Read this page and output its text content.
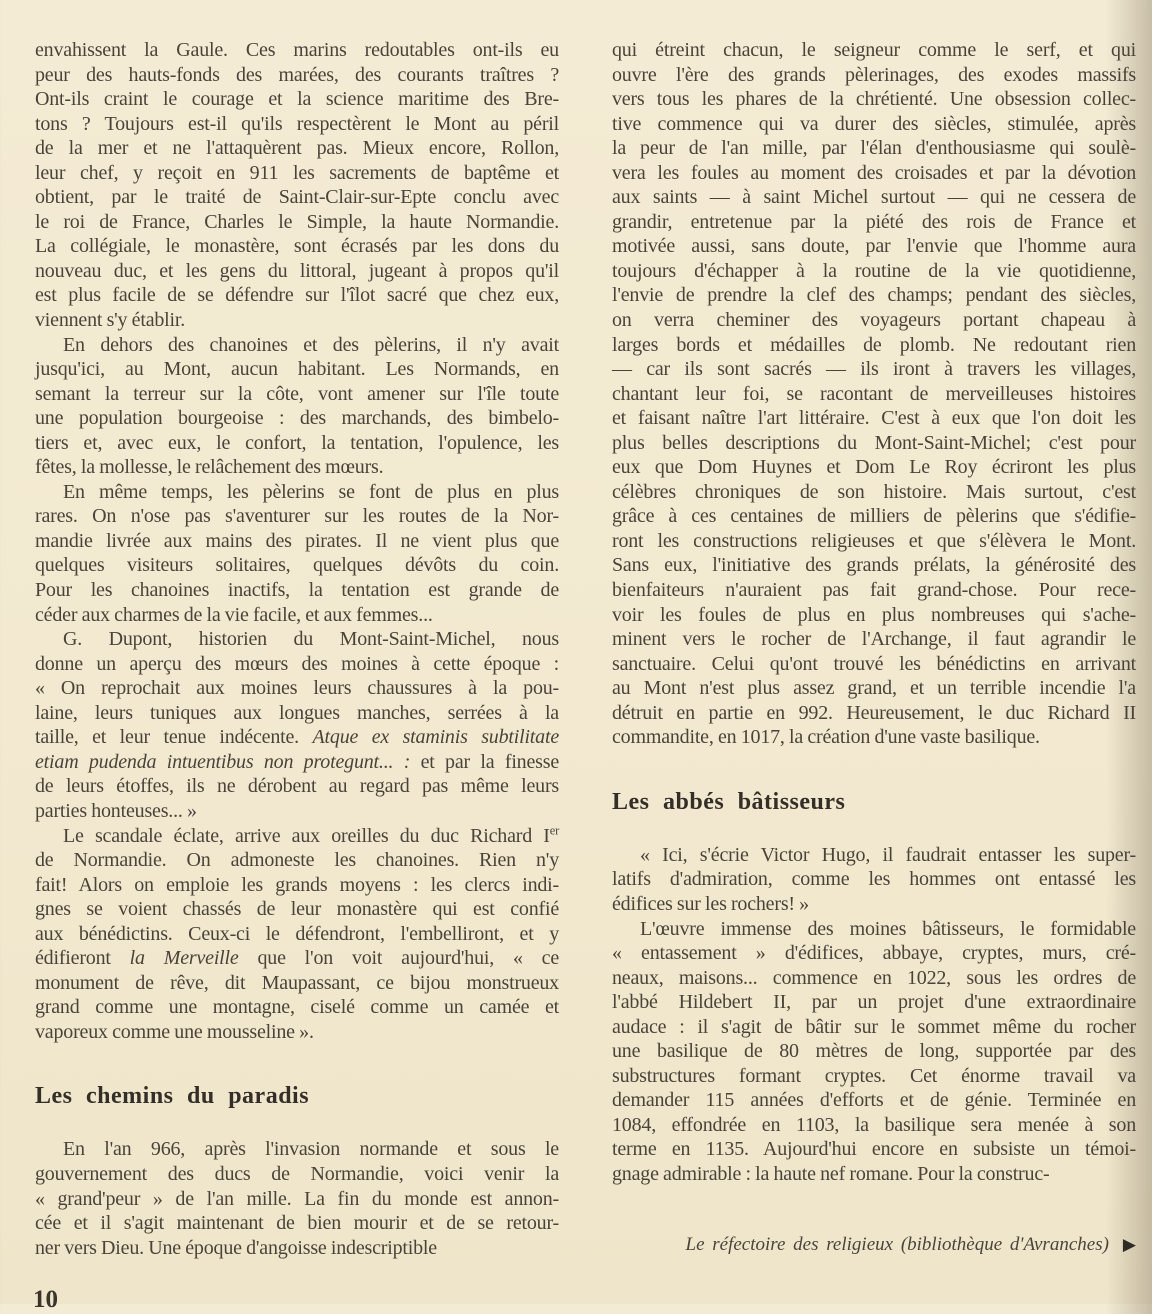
envahissent la Gaule. Ces marins redoutables ont-ils eu
peur des hauts-fonds des marées, des courants traîtres ?
Ont-ils craint le courage et la science maritime des Bre-
tons ? Toujours est-il qu'ils respectèrent le Mont au péril
de la mer et ne l'attaquèrent pas. Mieux encore, Rollon,
leur chef, y reçoit en 911 les sacrements de baptême et
obtient, par le traité de Saint-Clair-sur-Epte conclu avec
le roi de France, Charles le Simple, la haute Normandie.
La collégiale, le monastère, sont écrasés par les dons du
nouveau duc, et les gens du littoral, jugeant à propos qu'il
est plus facile de se défendre sur l'îlot sacré que chez eux,
viennent s'y établir.
En dehors des chanoines et des pèlerins, il n'y avait
jusqu'ici, au Mont, aucun habitant. Les Normands, en
semant la terreur sur la côte, vont amener sur l'île toute
une population bourgeoise : des marchands, des bimbelo-
tiers et, avec eux, le confort, la tentation, l'opulence, les
fêtes, la mollesse, le relâchement des mœurs.
En même temps, les pèlerins se font de plus en plus
rares. On n'ose pas s'aventurer sur les routes de la Nor-
mandie livrée aux mains des pirates. Il ne vient plus que
quelques visiteurs solitaires, quelques dévôts du coin.
Pour les chanoines inactifs, la tentation est grande de
céder aux charmes de la vie facile, et aux femmes...
G. Dupont, historien du Mont-Saint-Michel, nous
donne un aperçu des mœurs des moines à cette époque :
« On reprochait aux moines leurs chaussures à la pou-
laine, leurs tuniques aux longues manches, serrées à la
taille, et leur tenue indécente. Atque ex staminis subtilitate
etiam pudenda intuentibus non protegunt... : et par la finesse
de leurs étoffes, ils ne dérobent au regard pas même leurs
parties honteuses... »
Le scandale éclate, arrive aux oreilles du duc Richard Ier
de Normandie. On admoneste les chanoines. Rien n'y
fait! Alors on emploie les grands moyens : les clercs indi-
gnes se voient chassés de leur monastère qui est confié
aux bénédictins. Ceux-ci le défendront, l'embelliront, et y
édifieront la Merveille que l'on voit aujourd'hui, « ce
monument de rêve, dit Maupassant, ce bijou monstrueux
grand comme une montagne, ciselé comme un camée et
vaporeux comme une mousseline ».
Les chemins du paradis
En l'an 966, après l'invasion normande et sous le
gouvernement des ducs de Normandie, voici venir la
« grand'peur » de l'an mille. La fin du monde est annon-
cée et il s'agit maintenant de bien mourir et de se retour-
ner vers Dieu. Une époque d'angoisse indescriptible
qui étreint chacun, le seigneur comme le serf, et qui
ouvre l'ère des grands pèlerinages, des exodes massifs
vers tous les phares de la chrétienté. Une obsession collec-
tive commence qui va durer des siècles, stimulée, après
la peur de l'an mille, par l'élan d'enthousiasme qui soulè-
vera les foules au moment des croisades et par la dévotion
aux saints — à saint Michel surtout — qui ne cessera de
grandir, entretenue par la piété des rois de France et
motivée aussi, sans doute, par l'envie que l'homme aura
toujours d'échapper à la routine de la vie quotidienne,
l'envie de prendre la clef des champs; pendant des siècles,
on verra cheminer des voyageurs portant chapeau à
larges bords et médailles de plomb. Ne redoutant rien
— car ils sont sacrés — ils iront à travers les villages,
chantant leur foi, se racontant de merveilleuses histoires
et faisant naître l'art littéraire. C'est à eux que l'on doit les
plus belles descriptions du Mont-Saint-Michel; c'est pour
eux que Dom Huynes et Dom Le Roy écriront les plus
célèbres chroniques de son histoire. Mais surtout, c'est
grâce à ces centaines de milliers de pèlerins que s'édifie-
ront les constructions religieuses et que s'élèvera le Mont.
Sans eux, l'initiative des grands prélats, la générosité des
bienfaiteurs n'auraient pas fait grand-chose. Pour rece-
voir les foules de plus en plus nombreuses qui s'ache-
minent vers le rocher de l'Archange, il faut agrandir le
sanctuaire. Celui qu'ont trouvé les bénédictins en arrivant
au Mont n'est plus assez grand, et un terrible incendie l'a
détruit en partie en 992. Heureusement, le duc Richard II
commandite, en 1017, la création d'une vaste basilique.
Les abbés bâtisseurs
« Ici, s'écrie Victor Hugo, il faudrait entasser les super-
latifs d'admiration, comme les hommes ont entassé les
édifices sur les rochers! »
L'œuvre immense des moines bâtisseurs, le formidable
« entassement » d'édifices, abbaye, cryptes, murs, cré-
neaux, maisons... commence en 1022, sous les ordres de
l'abbé Hildebert II, par un projet d'une extraordinaire
audace : il s'agit de bâtir sur le sommet même du rocher
une basilique de 80 mètres de long, supportée par des
substructures formant cryptes. Cet énorme travail va
demander 115 années d'efforts et de génie. Terminée en
1084, effondrée en 1103, la basilique sera menée à son
terme en 1135. Aujourd'hui encore en subsiste un témoi-
gnage admirable : la haute nef romane. Pour la construc-
Le réfectoire des religieux (bibliothèque d'Avranches) ▶
10
